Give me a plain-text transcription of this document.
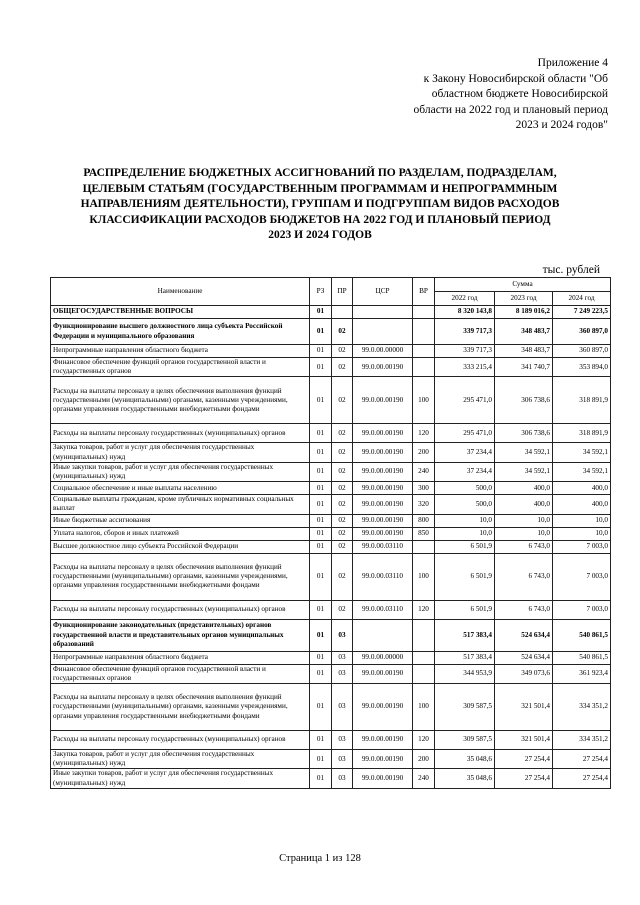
Приложение 4
к Закону Новосибирской области "Об
областном бюджете Новосибирской
области на 2022 год и плановый период
2023 и 2024 годов"
РАСПРЕДЕЛЕНИЕ БЮДЖЕТНЫХ АССИГНОВАНИЙ ПО РАЗДЕЛАМ, ПОДРАЗДЕЛАМ,
ЦЕЛЕВЫМ СТАТЬЯМ (ГОСУДАРСТВЕННЫМ ПРОГРАММАМ И НЕПРОГРАММНЫМ
НАПРАВЛЕНИЯМ ДЕЯТЕЛЬНОСТИ), ГРУППАМ И ПОДГРУППАМ ВИДОВ РАСХОДОВ
КЛАССИФИКАЦИИ РАСХОДОВ БЮДЖЕТОВ НА 2022 ГОД И ПЛАНОВЫЙ ПЕРИОД
2023 И 2024 ГОДОВ
тыс. рублей
Наименование	РЗ	ПР	ЦСР	ВР	Сумма		
					2022 год	2023 год	2024 год
ОБЩЕГОСУДАРСТВЕННЫЕ ВОПРОСЫ	01				8 320 143,8	8 189 016,2	7 249 223,5
Функционирование высшего должностного лица субъекта Российской Федерации и муниципального образования	01	02			339 717,3	348 483,7	360 897,0
Непрограммные направления областного бюджета	01	02	99.0.00.00000		339 717,3	348 483,7	360 897,0
Финансовое обеспечение функций органов государственной власти и государственных органов	01	02	99.0.00.00190		333 215,4	341 740,7	353 894,0
Расходы на выплаты персоналу в целях обеспечения выполнения функций государственными (муниципальными) органами, казенными учреждениями, органами управления государственными внебюджетными фондами	01	02	99.0.00.00190	100	295 471,0	306 738,6	318 891,9
Расходы на выплаты персоналу государственных (муниципальных) органов	01	02	99.0.00.00190	120	295 471,0	306 738,6	318 891,9
Закупка товаров, работ и услуг для обеспечения государственных (муниципальных) нужд	01	02	99.0.00.00190	200	37 234,4	34 592,1	34 592,1
Иные закупки товаров, работ и услуг для обеспечения государственных (муниципальных) нужд	01	02	99.0.00.00190	240	37 234,4	34 592,1	34 592,1
Социальное обеспечение и иные выплаты населению	01	02	99.0.00.00190	300	500,0	400,0	400,0
Социальные выплаты гражданам, кроме публичных нормативных социальных выплат	01	02	99.0.00.00190	320	500,0	400,0	400,0
Иные бюджетные ассигнования	01	02	99.0.00.00190	800	10,0	10,0	10,0
Уплата налогов, сборов и иных платежей	01	02	99.0.00.00190	850	10,0	10,0	10,0
Высшее должностное лицо субъекта Российской Федерации	01	02	99.0.00.03110		6 501,9	6 743,0	7 003,0
Расходы на выплаты персоналу в целях обеспечения выполнения функций государственными (муниципальными) органами, казенными учреждениями, органами управления государственными внебюджетными фондами	01	02	99.0.00.03110	100	6 501,9	6 743,0	7 003,0
Расходы на выплаты персоналу государственных (муниципальных) органов	01	02	99.0.00.03110	120	6 501,9	6 743,0	7 003,0
Функционирование законодательных (представительных) органов государственной власти и представительных органов муниципальных образований	01	03			517 383,4	524 634,4	540 861,5
Непрограммные направления областного бюджета	01	03	99.0.00.00000		517 383,4	524 634,4	540 861,5
Финансовое обеспечение функций органов государственной власти и государственных органов	01	03	99.0.00.00190		344 953,9	349 073,6	361 923,4
Расходы на выплаты персоналу в целях обеспечения выполнения функций государственными (муниципальными) органами, казенными учреждениями, органами управления государственными внебюджетными фондами	01	03	99.0.00.00190	100	309 587,5	321 501,4	334 351,2
Расходы на выплаты персоналу государственных (муниципальных) органов	01	03	99.0.00.00190	120	309 587,5	321 501,4	334 351,2
Закупка товаров, работ и услуг для обеспечения государственных (муниципальных) нужд	01	03	99.0.00.00190	200	35 048,6	27 254,4	27 254,4
Иные закупки товаров, работ и услуг для обеспечения государственных (муниципальных) нужд	01	03	99.0.00.00190	240	35 048,6	27 254,4	27 254,4
Страница 1 из 128
